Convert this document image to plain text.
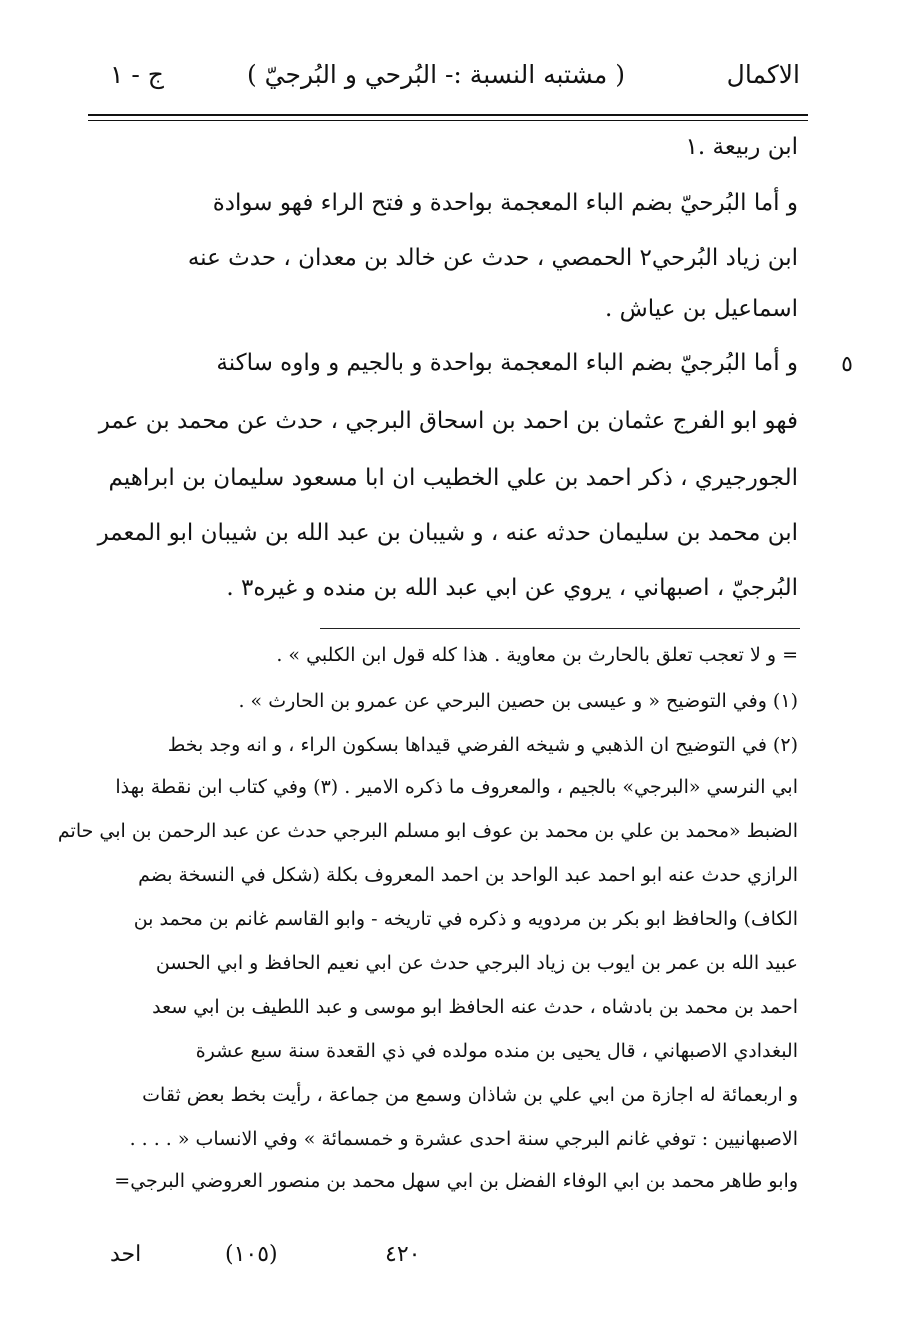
الاكمال
( مشتبه النسبة :- البُرحي و البُرجيّ )
ج - ١
ابن ربيعة .١
و أما البُرحيّ بضم الباء المعجمة بواحدة و فتح الراء فهو سوادة
ابن زياد البُرحي٢ الحمصي ، حدث عن خالد بن معدان ، حدث عنه
اسماعيل بن عياش .
٥
و أما البُرجيّ بضم الباء المعجمة بواحدة و بالجيم و واوه ساكنة
فهو ابو الفرج عثمان بن احمد بن اسحاق البرجي ، حدث عن محمد بن عمر
الجورجيري ، ذكر احمد بن علي الخطيب ان ابا مسعود سليمان بن ابراهيم
ابن محمد بن سليمان حدثه عنه ، و شيبان بن عبد الله بن شيبان ابو المعمر
البُرجيّ ، اصبهاني ، يروي عن ابي عبد الله بن منده و غيره٣ .
= و لا تعجب تعلق بالحارث بن معاوية . هذا كله قول ابن الكلبي » .
(١) وفي التوضيح « و عيسى بن حصين البرحي عن عمرو بن الحارث » .
(٢) في التوضيح ان الذهبي و شيخه الفرضي قيداها بسكون الراء ، و انه وجد بخط
ابي النرسي «البرجي» بالجيم ، والمعروف ما ذكره الامير . (٣) وفي كتاب ابن نقطة بهذا
الضبط «محمد بن علي بن محمد بن عوف ابو مسلم البرجي حدث عن عبد الرحمن بن ابي حاتم
الرازي حدث عنه ابو احمد عبد الواحد بن احمد المعروف بكلة (شكل في النسخة بضم
الكاف) والحافظ ابو بكر بن مردويه و ذكره في تاريخه - وابو القاسم غانم بن محمد بن
عبيد الله بن عمر بن ايوب بن زياد البرجي حدث عن ابي نعيم الحافظ و ابي الحسن
احمد بن محمد بن بادشاه ، حدث عنه الحافظ ابو موسى و عبد اللطيف بن ابي سعد
البغدادي الاصبهاني ، قال يحيى بن منده مولده في ذي القعدة سنة سبع عشرة
و اربعمائة له اجازة من ابي علي بن شاذان وسمع من جماعة ، رأيت بخط بعض ثقات
الاصبهانيين : توفي غانم البرجي سنة احدى عشرة و خمسمائة » وفي الانساب « . . . .
وابو طاهر محمد بن ابي الوفاء الفضل بن ابي سهل محمد بن منصور العروضي البرجي=
احد	(١٠٥)	٤٢٠
